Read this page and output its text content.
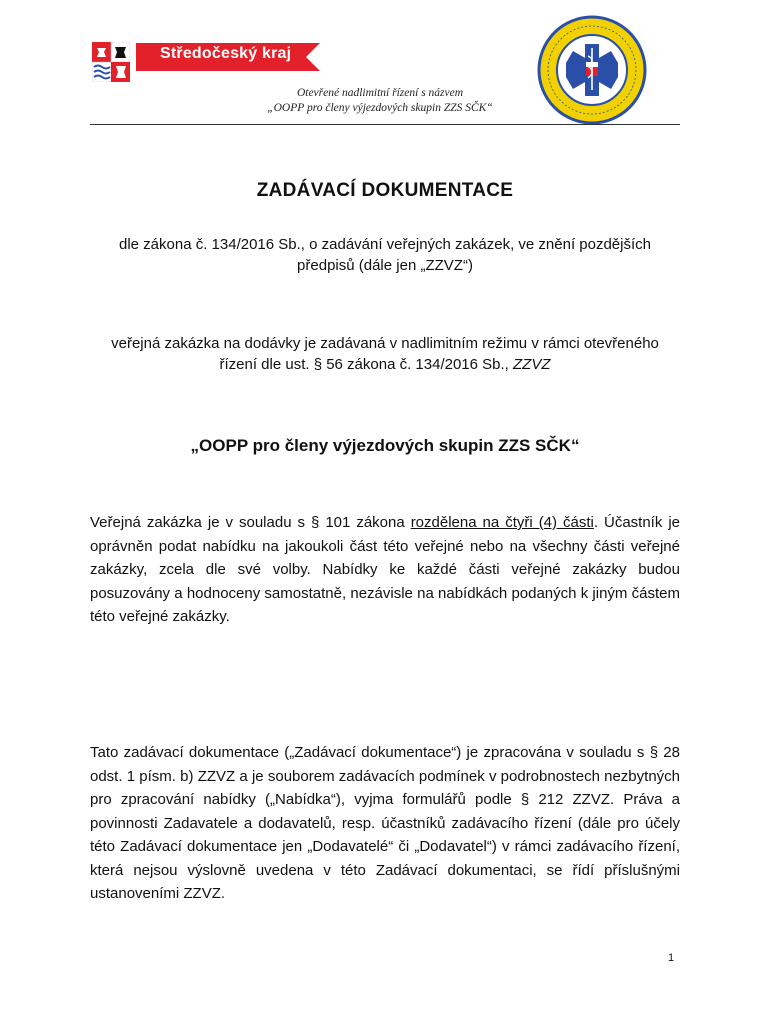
Středočeský kraj
Otevřené nadlimitní řízení s názvem
„OOPP pro členy výjezdových skupin ZZS SČK“
ZADÁVACÍ DOKUMENTACE
dle zákona č. 134/2016 Sb., o zadávání veřejných zakázek, ve znění pozdějších
předpisů (dále jen „ZZVZ“)
veřejná zakázka na dodávky je zadávaná v nadlimitním režimu v rámci otevřeného
řízení dle ust. § 56 zákona č. 134/2016 Sb., ZZVZ
„OOPP pro členy výjezdových skupin ZZS SČK“
Veřejná zakázka je v souladu s § 101 zákona rozdělena na čtyři (4) části. Účastník je oprávněn podat nabídku na jakoukoli část této veřejné nebo na všechny části veřejné zakázky, zcela dle své volby. Nabídky ke každé části veřejné zakázky budou posuzovány a hodnoceny samostatně, nezávisle na nabídkách podaných k jiným částem této veřejné zakázky.
Tato zadávací dokumentace („Zadávací dokumentace“) je zpracována v souladu s § 28 odst. 1 písm. b) ZZVZ a je souborem zadávacích podmínek v podrobnostech nezbytných pro zpracování nabídky („Nabídka“), vyjma formulářů podle § 212 ZZVZ. Práva a povinnosti Zadavatele a dodavatelů, resp. účastníků zadávacího řízení (dále pro účely této Zadávací dokumentace jen „Dodavatelé“ či „Dodavatel“) v rámci zadávacího řízení, která nejsou výslovně uvedena v této Zadávací dokumentaci, se řídí příslušnými ustanoveními ZZVZ.
1
